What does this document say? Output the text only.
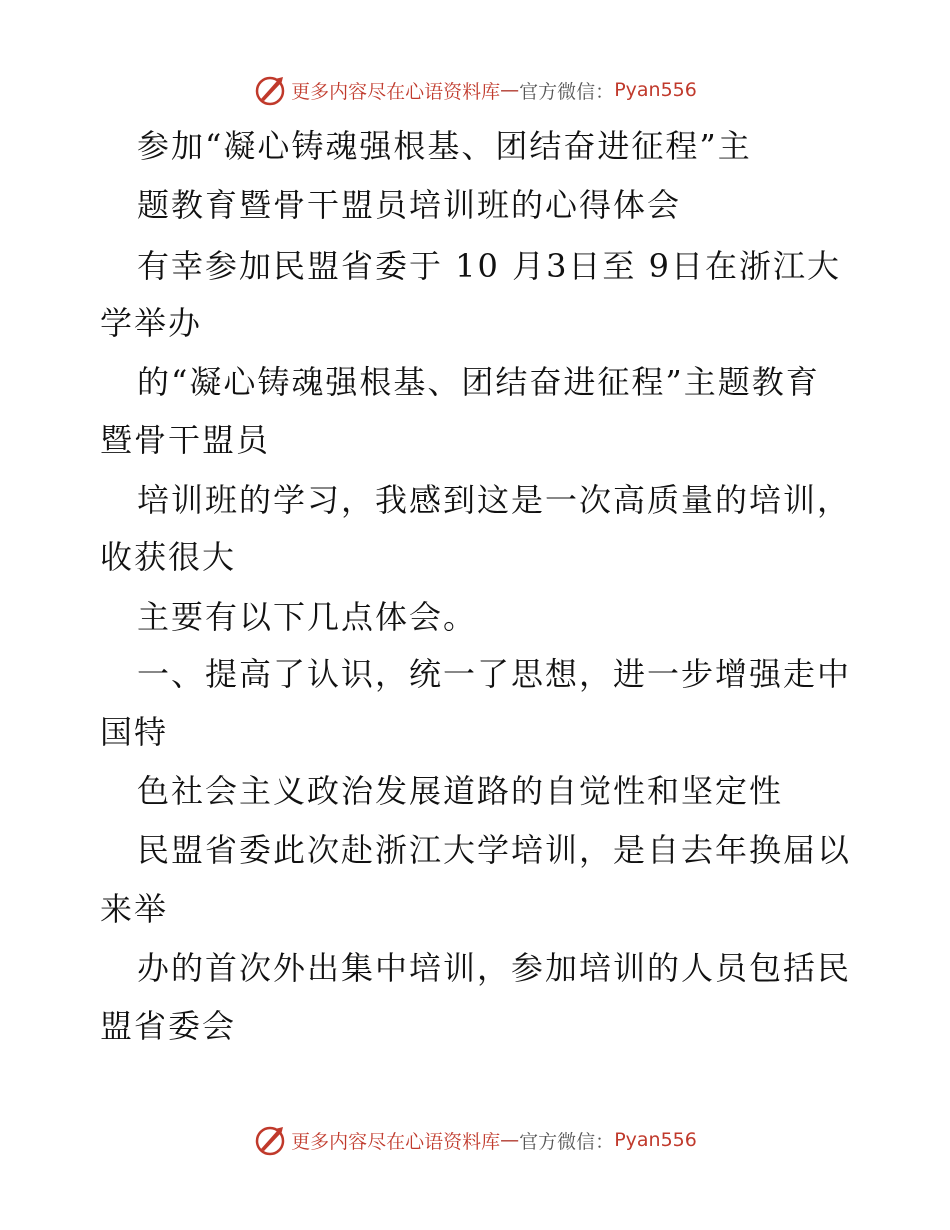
更多内容尽在心语资料库 — 官方微信： Pyan556
参加“凝心铸魂强根基、团结奋进征程”主
题教育暨骨干盟员培训班的心得体会
有幸参加民盟省委于 10 月3日至 9日在浙江大
学举办
的“凝心铸魂强根基、团结奋进征程”主题教育
暨骨干盟员
培训班的学习，我感到这是一次高质量的培训，
收获很大
主要有以下几点体会。
一、提高了认识，统一了思想，进一步增强走中
国特
色社会主义政治发展道路的自觉性和坚定性
民盟省委此次赴浙江大学培训，是自去年换届以
来举
办的首次外出集中培训，参加培训的人员包括民
盟省委会
更多内容尽在心语资料库 — 官方微信： Pyan556
